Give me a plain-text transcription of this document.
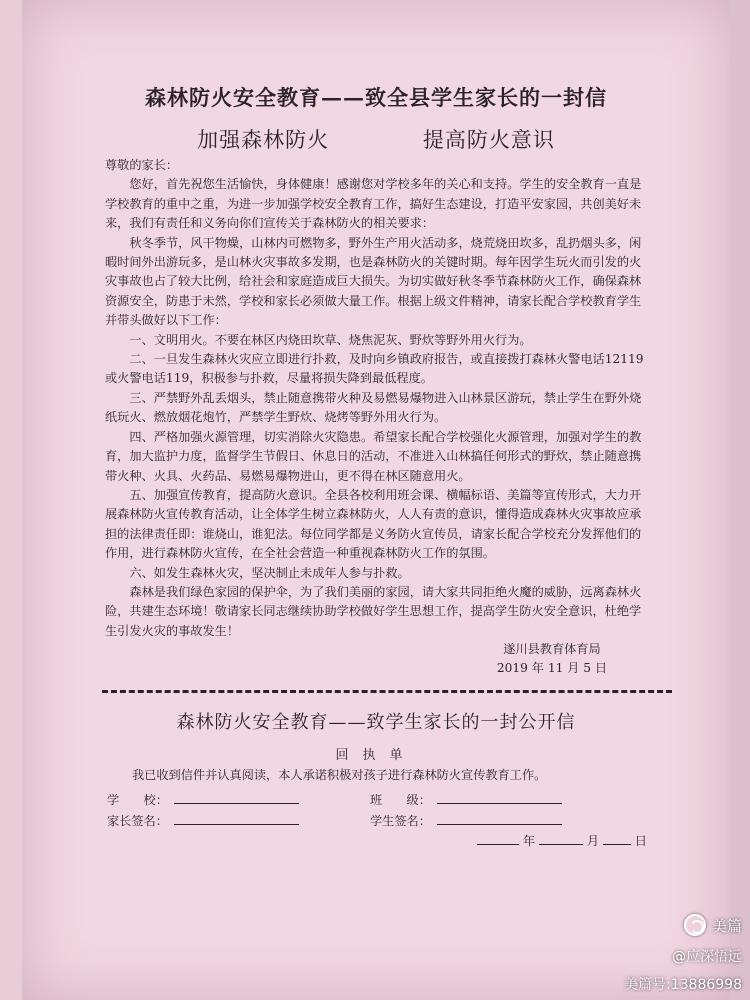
森林防火安全教育——致全县学生家长的一封信
加强森林防火	提高防火意识

尊敬的家长：

您好，首先祝您生活愉快，身体健康！感谢您对学校多年的关心和支持。学生的安全教育一直是学校教育的重中之重，为进一步加强学校安全教育工作，搞好生态建设，打造平安家园，共创美好未来，我们有责任和义务向你们宣传关于森林防火的相关要求：

秋冬季节，风干物燥，山林内可燃物多，野外生产用火活动多，烧荒烧田坎多，乱扔烟头多，闲暇时间外出游玩多，是山林火灾事故多发期，也是森林防火的关键时期。每年因学生玩火而引发的火灾事故也占了较大比例，给社会和家庭造成巨大损失。为切实做好秋冬季节森林防火工作，确保森林资源安全，防患于未然，学校和家长必须做大量工作。根据上级文件精神，请家长配合学校教育学生并带头做好以下工作：

一、文明用火。不要在林区内烧田坎草、烧焦泥灰、野炊等野外用火行为。

二、一旦发生森林火灾应立即进行扑救，及时向乡镇政府报告，或直接拨打森林火警电话12119或火警电话119，积极参与扑救，尽量将损失降到最低程度。

三、严禁野外乱丢烟头，禁止随意携带火种及易燃易爆物进入山林景区游玩，禁止学生在野外烧纸玩火、燃放烟花炮竹，严禁学生野炊、烧烤等野外用火行为。

四、严格加强火源管理，切实消除火灾隐患。希望家长配合学校强化火源管理，加强对学生的教育，加大监护力度，监督学生节假日、休息日的活动，不准进入山林搞任何形式的野炊，禁止随意携带火种、火具、火药品、易燃易爆物进山，更不得在林区随意用火。

五、加强宣传教育，提高防火意识。全县各校利用班会课、横幅标语、美篇等宣传形式，大力开展森林防火宣传教育活动，让全体学生树立森林防火，人人有责的意识，懂得造成森林火灾事故应承担的法律责任即：谁烧山，谁犯法。每位同学都是义务防火宣传员，请家长配合学校充分发挥他们的作用，进行森林防火宣传，在全社会营造一种重视森林防火工作的氛围。

六、如发生森林火灾，坚决制止未成年人参与扑救。

森林是我们绿色家园的保护伞，为了我们美丽的家园，请大家共同拒绝火魔的威胁，远离森林火险，共建生态环境！敬请家长同志继续协助学校做好学生思想工作，提高学生防火安全意识，杜绝学生引发火灾的事故发生！

遂川县教育体育局
2019 年 11 月 5 日
森林防火安全教育——致学生家长的一封公开信
回执单
我已收到信件并认真阅读，本人承诺积极对孩子进行森林防火宣传教育工作。
学　　校：	班　　级：
家长签名：	学生签名：
年	月	日
美篇
@应深悟远
美篇号:13886998
